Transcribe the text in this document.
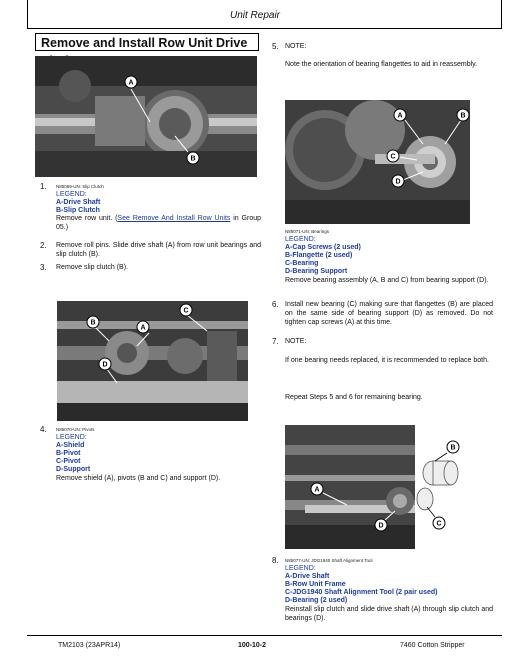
Unit Repair
Remove and Install Row Unit Drive
A
B
1. N85069-UN: Slip Clutch
LEGEND:
A-Drive Shaft
B-Slip Clutch
Remove row unit. (See Remove And Install Row Units in Group 05.)
2. Remove roll pins. Slide drive shaft (A) from row unit bearings and slip clutch (B).
3. Remove slip clutch (B).
B
A
C
D
4. N85070-UN: Pivots
LEGEND:
A-Shield
B-Pivot
C-Pivot
D-Support
Remove shield (A), pivots (B and C) and support (D).
5. NOTE:
Note the orientation of bearing flangettes to aid in reassembly.
A	B
C
D
N85071-UN: Bearings
LEGEND:
A-Cap Screws (2 used)
B-Flangette (2 used)
C-Bearing
D-Bearing Support
Remove bearing assembly (A, B and C) from bearing support (D).
6. Install new bearing (C) making sure that flangettes (B) are placed on the same side of bearing support (D) as removed. Do not tighten cap screws (A) at this time.
7. NOTE:
If one bearing needs replaced, it is recommended to replace both.
Repeat Steps 5 and 6 for remaining bearing.
B
A
D	C
8. N85077-UN: JDG1940 Shaft Alignment Tool
LEGEND:
A-Drive Shaft
B-Row Unit Frame
C-JDG1940 Shaft Alignment Tool (2 pair used)
D-Bearing (2 used)
Reinstall slip clutch and slide drive shaft (A) through slip clutch and bearings (D).
TM2103 (23APR14)	100-10-2	7460 Cotton Stripper
